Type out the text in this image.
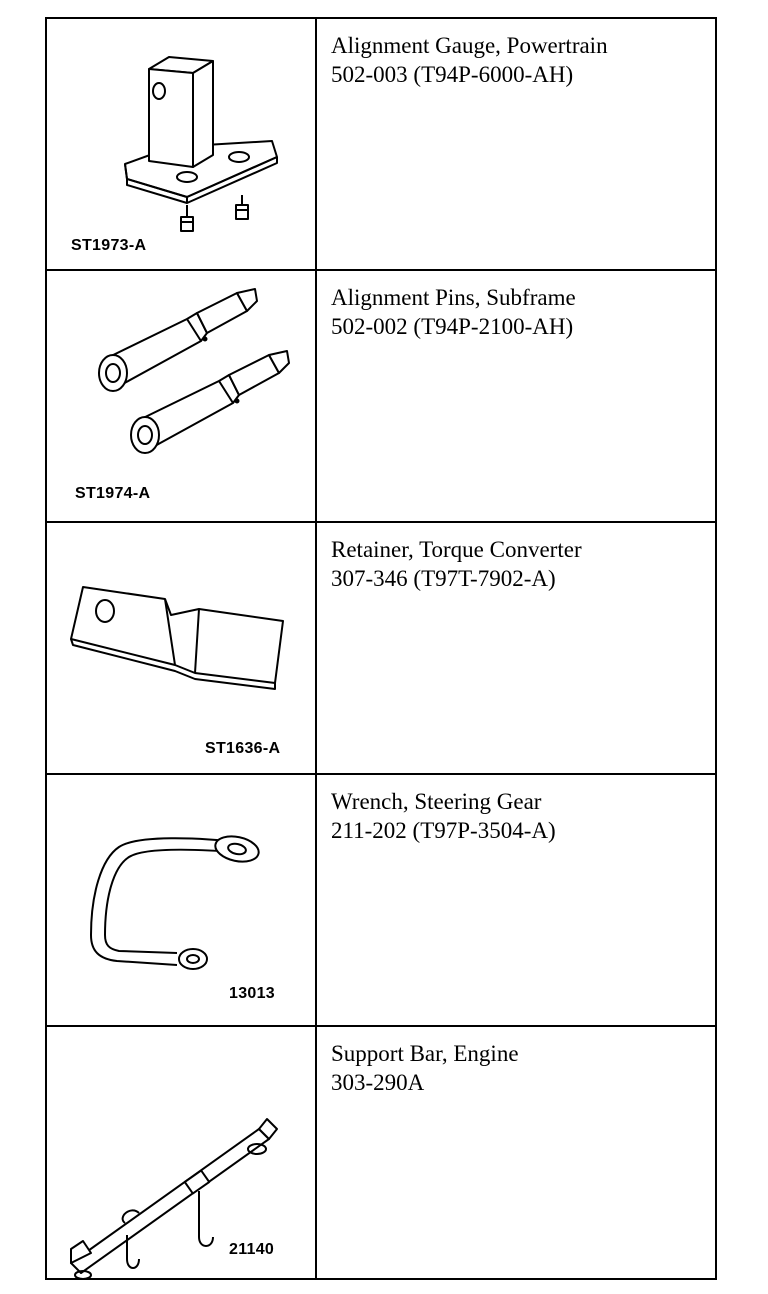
ST1973-A
Alignment Gauge, Powertrain
502-003 (T94P-6000-AH)
ST1974-A
Alignment Pins, Subframe
502-002 (T94P-2100-AH)
ST1636-A
Retainer, Torque Converter
307-346 (T97T-7902-A)
13013
Wrench, Steering Gear
211-202 (T97P-3504-A)
21140
Support Bar, Engine
303-290A
